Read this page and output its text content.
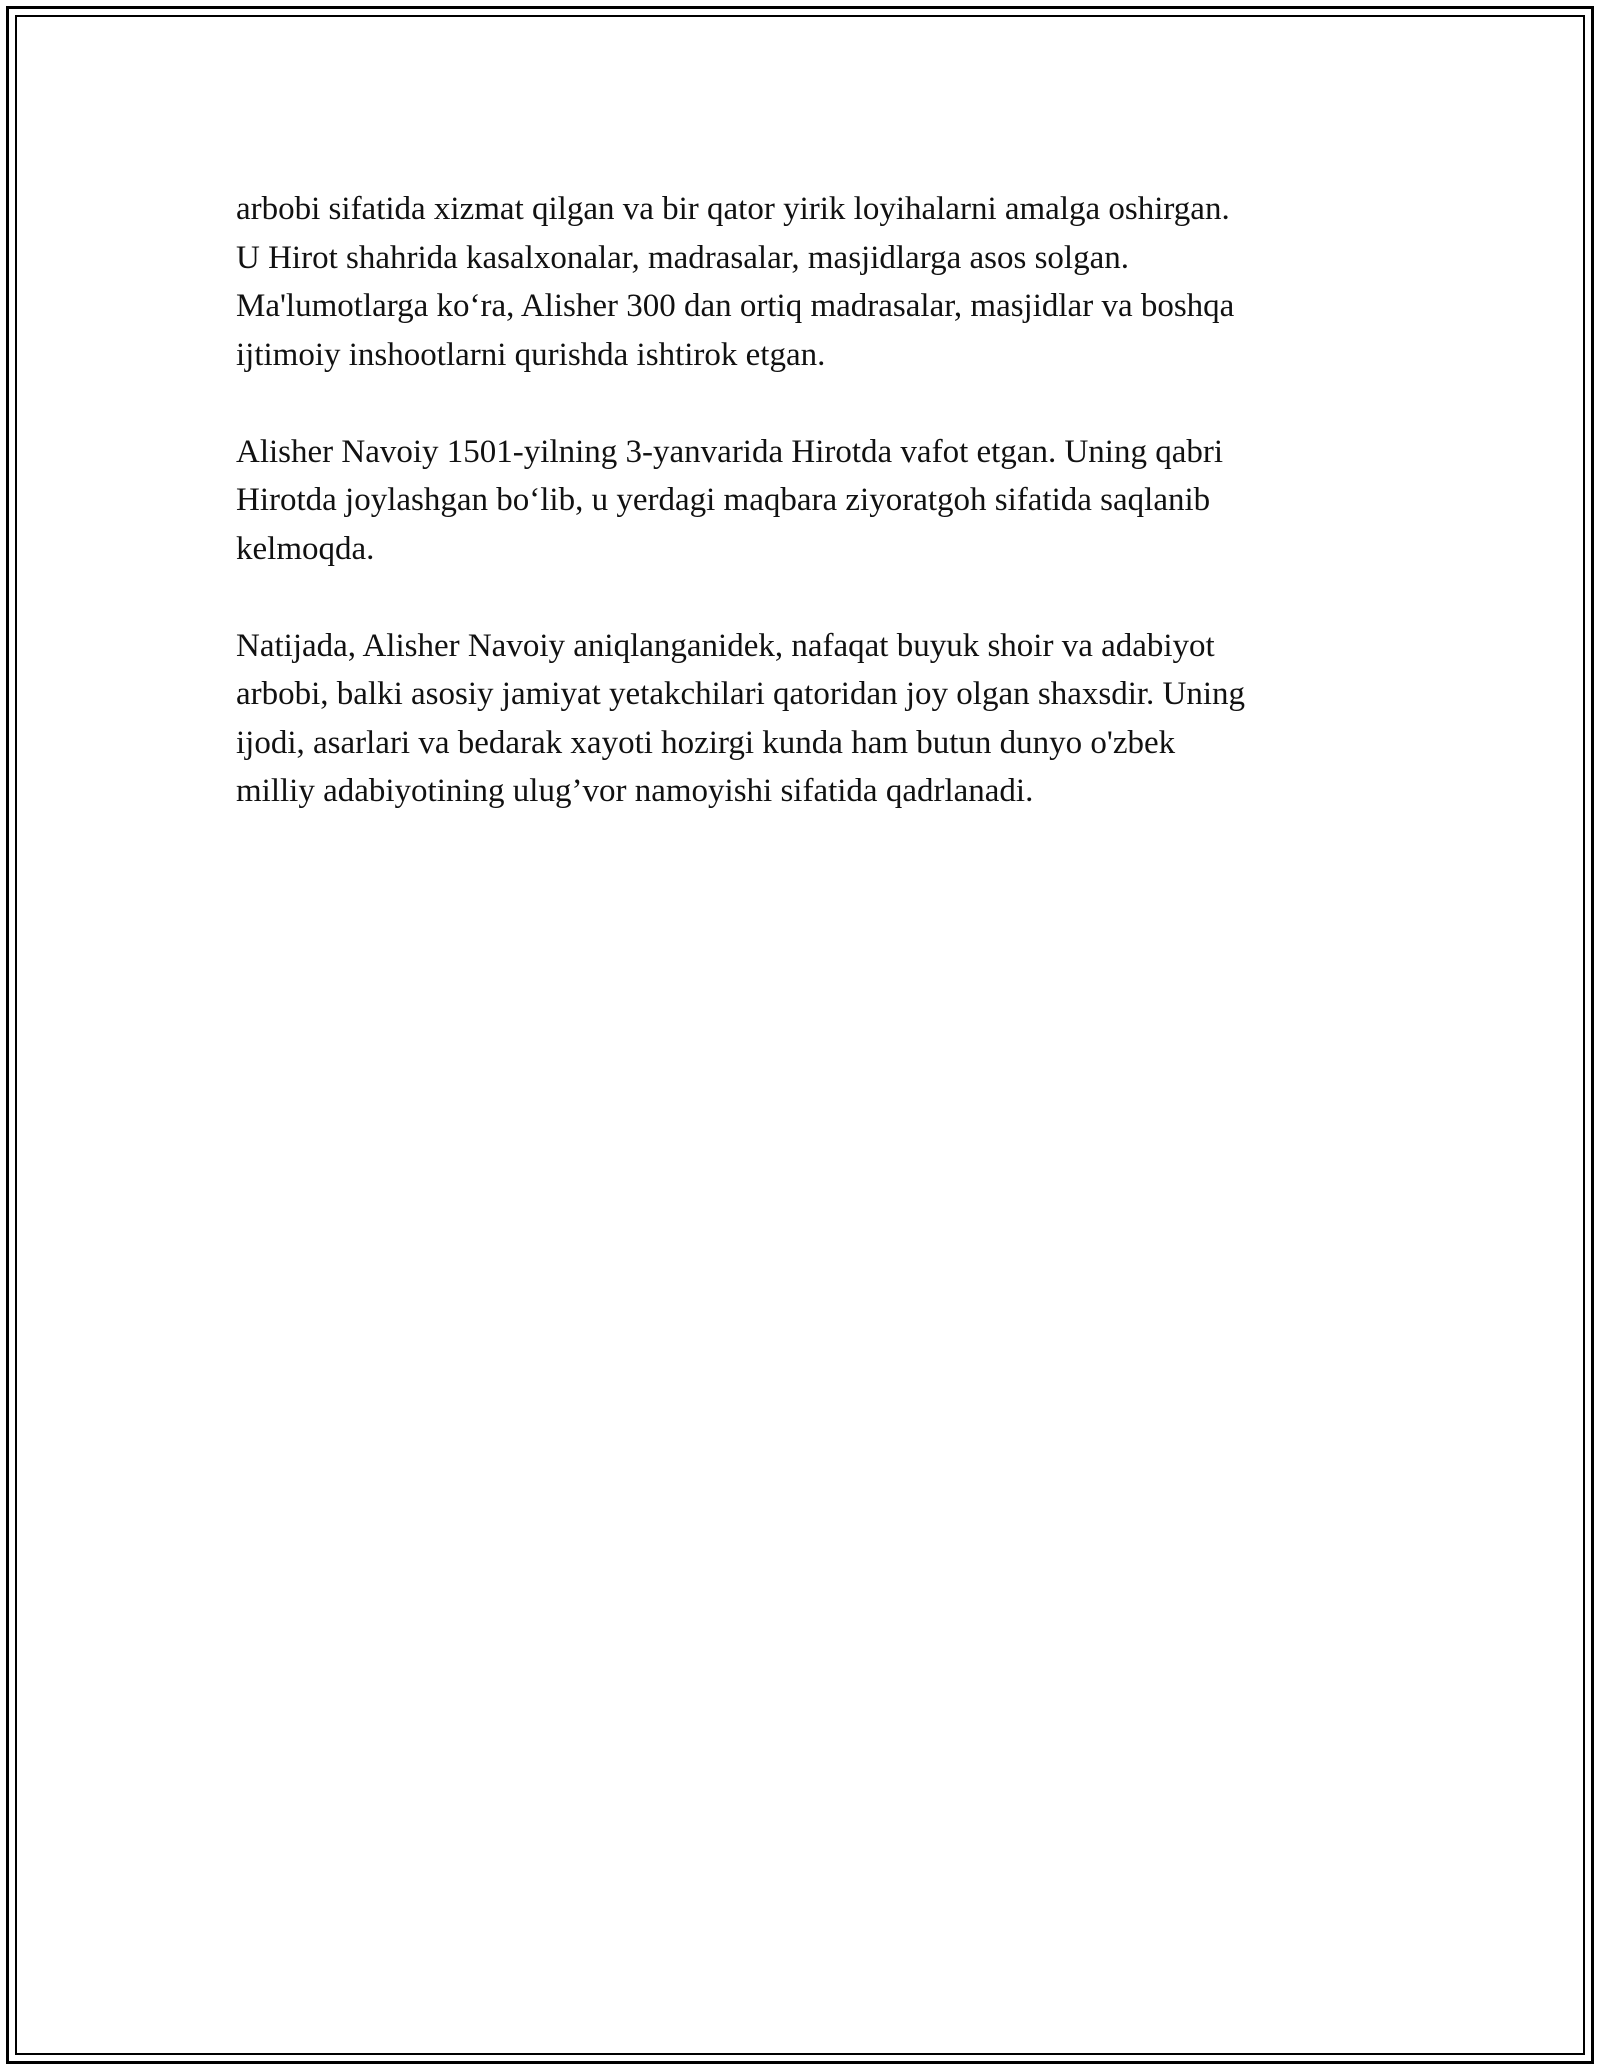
arbobi sifatida xizmat qilgan va bir qator yirik loyihalarni amalga oshirgan.
U Hirot shahrida kasalxonalar, madrasalar, masjidlarga asos solgan.
Ma'lumotlarga ko‘ra, Alisher 300 dan ortiq madrasalar, masjidlar va boshqa
ijtimoiy inshootlarni qurishda ishtirok etgan.

Alisher Navoiy 1501-yilning 3-yanvarida Hirotda vafot etgan. Uning qabri
Hirotda joylashgan bo‘lib, u yerdagi maqbara ziyoratgoh sifatida saqlanib
kelmoqda.

Natijada, Alisher Navoiy aniqlanganidek, nafaqat buyuk shoir va adabiyot
arbobi, balki asosiy jamiyat yetakchilari qatoridan joy olgan shaxsdir. Uning
ijodi, asarlari va bedarak xayoti hozirgi kunda ham butun dunyo o'zbek
milliy adabiyotining ulug’vor namoyishi sifatida qadrlanadi.
